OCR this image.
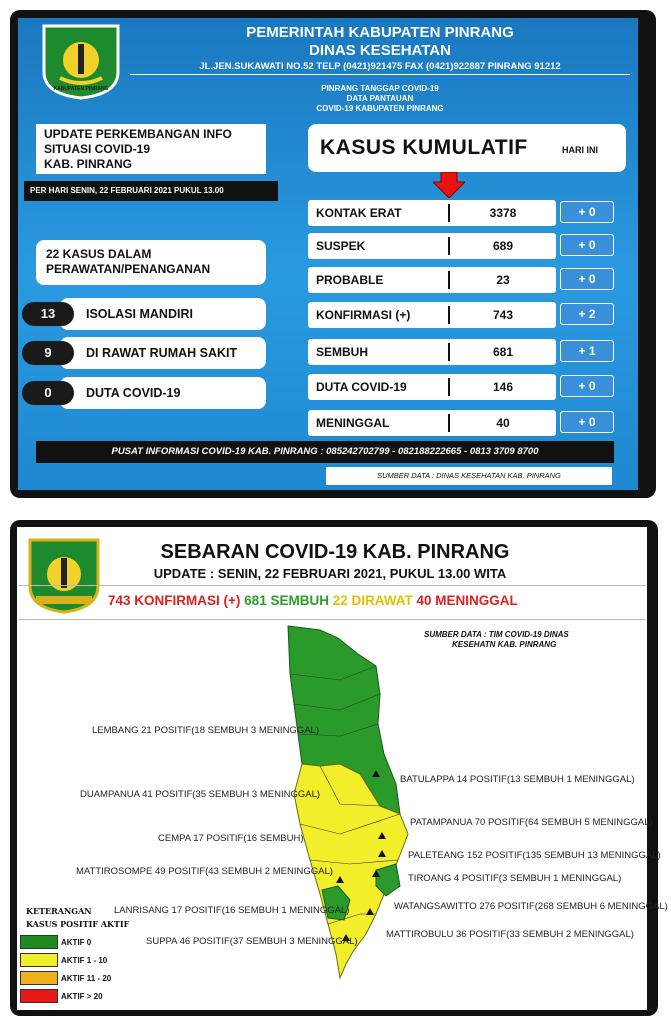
KABUPATEN PINRANG
PEMERINTAH KABUPATEN PINRANG
DINAS KESEHATAN
JL.JEN.SUKAWATI NO.52 TELP (0421)921475 FAX (0421)922887 PINRANG 91212
PINRANG TANGGAP COVID-19
DATA PANTAUAN
COVID-19 KABUPATEN PINRANG
UPDATE PERKEMBANGAN INFO
SITUASI COVID-19
KAB. PINRANG
PER HARI SENIN, 22 FEBRUARI 2021 PUKUL 13.00
KASUS KUMULATIF	HARI INI
KONTAK ERAT	3378	+ 0
SUSPEK	689	+ 0
PROBABLE	23	+ 0
KONFIRMASI (+)	743	+ 2
SEMBUH	681	+ 1
DUTA COVID-19	146	+ 0
MENINGGAL	40	+ 0
22 KASUS DALAM
PERAWATAN/PENANGANAN
13	ISOLASI MANDIRI
9	DI RAWAT RUMAH SAKIT
0	DUTA COVID-19
PUSAT INFORMASI COVID-19 KAB. PINRANG : 085242702799 - 082188222665 - 0813 3709 8700
SUMBER DATA : DINAS KESEHATAN KAB. PINRANG
SEBARAN COVID-19 KAB. PINRANG
UPDATE : SENIN, 22 FEBRUARI 2021, PUKUL 13.00 WITA
743 KONFIRMASI (+) 681 SEMBUH 22 DIRAWAT 40 MENINGGAL
SUMBER DATA : TIM COVID-19 DINAS
KESEHATN KAB. PINRANG
LEMBANG 21 POSITIF(18 SEMBUH 3 MENINGGAL)
DUAMPANUA 41 POSITIF(35 SEMBUH 3 MENINGGAL)
CEMPA 17 POSITIF(16 SEMBUH)
MATTIROSOMPE 49 POSITIF(43 SEMBUH 2 MENINGGAL)
LANRISANG 17 POSITIF(16 SEMBUH 1 MENINGGAL)
SUPPA 46 POSITIF(37 SEMBUH 3 MENINGGAL)
BATULAPPA 14 POSITIF(13 SEMBUH 1 MENINGGAL)
PATAMPANUA 70 POSITIF(64 SEMBUH 5 MENINGGAL)
PALETEANG 152 POSITIF(135 SEMBUH 13 MENINGGAL)
TIROANG 4 POSITIF(3 SEMBUH 1 MENINGGAL)
WATANGSAWITTO 276 POSITIF(268 SEMBUH 6 MENINGGAL)
MATTIROBULU 36 POSITIF(33 SEMBUH 2 MENINGGAL)
KETERANGAN
KASUS POSITIF AKTIF
AKTIF 0
AKTIF 1 - 10
AKTIF 11 - 20
AKTIF > 20
